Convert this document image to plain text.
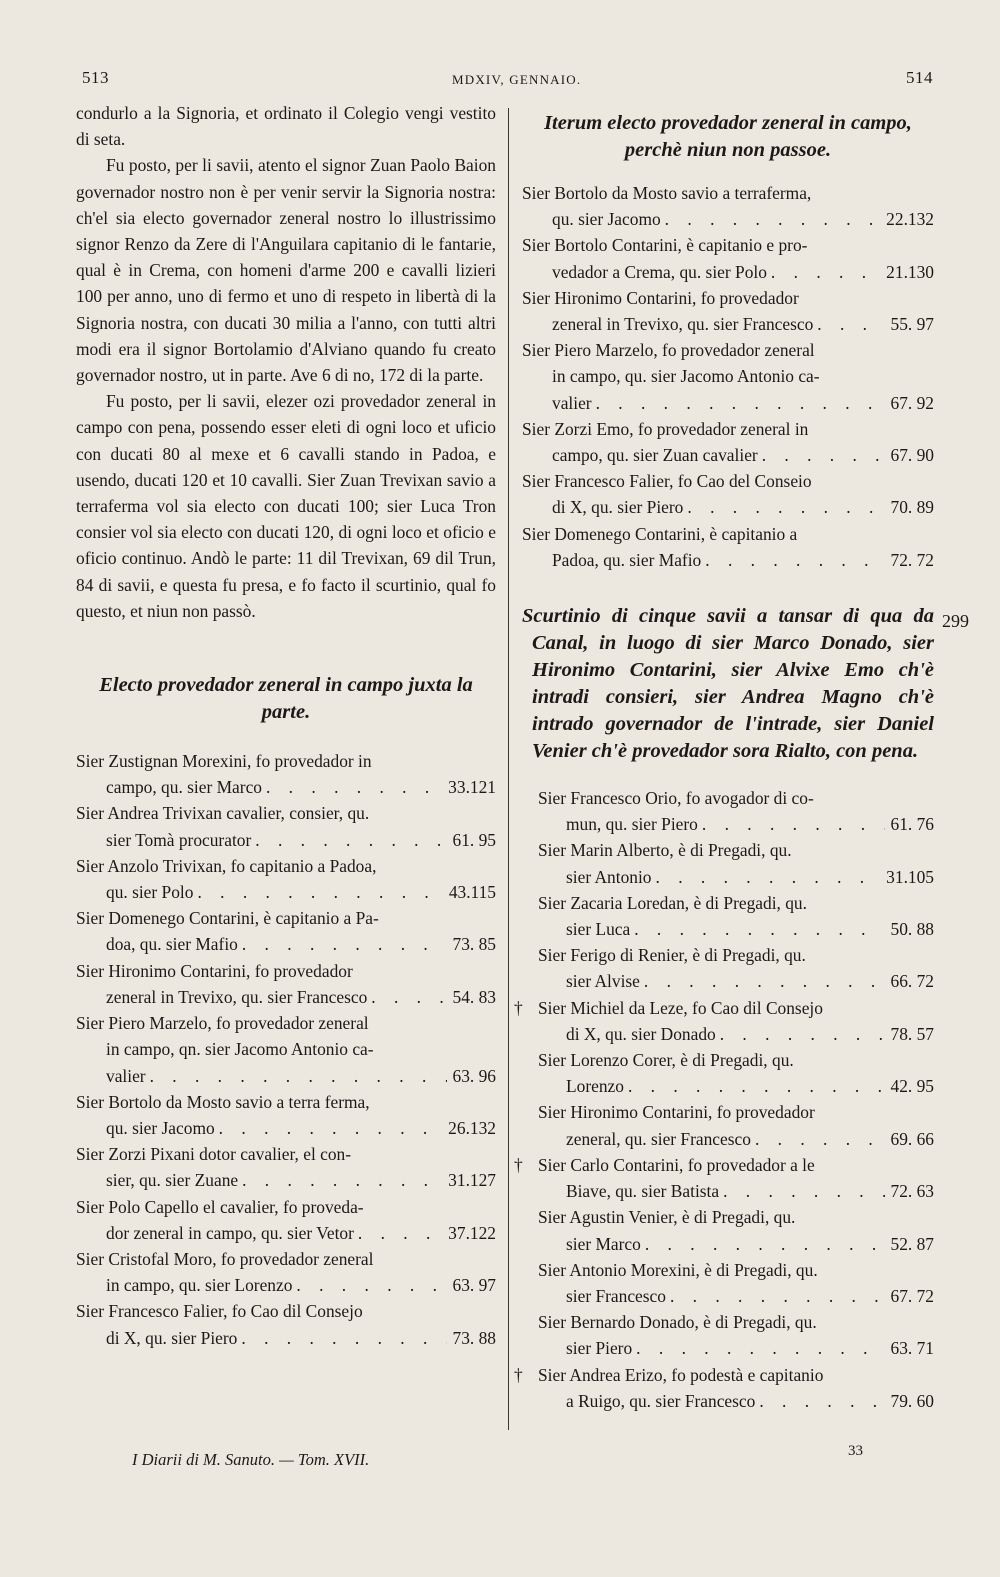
513	MDXIV, GENNAIO.	514

condurlo a la Signoria, et ordinato il Colegio vengi vestito di seta.

Fu posto, per li savii, atento el signor Zuan Paolo Baion governador nostro non è per venir servir la Signoria nostra: ch'el sia electo governador zeneral nostro lo illustrissimo signor Renzo da Zere di l'Anguilara capitanio di le fantarie, qual è in Crema, con homeni d'arme 200 e cavalli lizieri 100 per anno, uno di fermo et uno di respeto in libertà di la Signoria nostra, con ducati 30 milia a l'anno, con tutti altri modi era il signor Bortolamio d'Alviano quando fu creato governador nostro, ut in parte. Ave 6 di no, 172 di la parte.

Fu posto, per li savii, elezer ozi provedador zeneral in campo con pena, possendo esser eleti di ogni loco et uficio con ducati 80 al mexe et 6 cavalli stando in Padoa, e usendo, ducati 120 et 10 cavalli. Sier Zuan Trevixan savio a terraferma vol sia electo con ducati 100; sier Luca Tron consier vol sia electo con ducati 120, di ogni loco et oficio e oficio continuo. Andò le parte: 11 dil Trevixan, 69 dil Trun, 84 di savii, e questa fu presa, e fo facto il scurtinio, qual fo questo, et niun non passò.

Electo provedador zeneral in campo juxta la parte.
Sier Zustignan Morexini, fo provedador in
campo, qu. sier Marco . . .	33.121
Sier Andrea Trivixan cavalier, consier, qu.
sier Tomà procurator . . .	61. 95
Sier Anzolo Trivixan, fo capitanio a Padoa,
qu. sier Polo . . .	43.115
Sier Domenego Contarini, è capitanio a Pa-
doa, qu. sier Mafio . . .	73. 85
Sier Hironimo Contarini, fo provedador
zeneral in Trevixo, qu. sier Francesco . . .	54. 83
Sier Piero Marzelo, fo provedador zeneral
in campo, qn. sier Jacomo Antonio ca-
valier . . .	63. 96
Sier Bortolo da Mosto savio a terra ferma,
qu. sier Jacomo . . .	26.132
Sier Zorzi Pixani dotor cavalier, el con-
sier, qu. sier Zuane . . .	31.127
Sier Polo Capello el cavalier, fo proveda-
dor zeneral in campo, qu. sier Vetor . . .	37.122
Sier Cristofal Moro, fo provedador zeneral
in campo, qu. sier Lorenzo . . .	63. 97
Sier Francesco Falier, fo Cao dil Consejo
di X, qu. sier Piero . . .	73. 88
Iterum electo provedador zeneral in campo, perchè niun non passoe.
Sier Bortolo da Mosto savio a terraferma,
qu. sier Jacomo . . .	22.132
Sier Bortolo Contarini, è capitanio e pro-
vedador a Crema, qu. sier Polo . . .	21.130
Sier Hironimo Contarini, fo provedador
zeneral in Trevixo, qu. sier Francesco . . .	55. 97
Sier Piero Marzelo, fo provedador zeneral
in campo, qu. sier Jacomo Antonio ca-
valier . . .	67. 92
Sier Zorzi Emo, fo provedador zeneral in
campo, qu. sier Zuan cavalier . . .	67. 90
Sier Francesco Falier, fo Cao del Conseio
di X, qu. sier Piero . . .	70. 89
Sier Domenego Contarini, è capitanio a
Padoa, qu. sier Mafio . . .	72. 72
Scurtinio di cinque savii a tansar di qua da Canal, in luogo di sier Marco Donado, sier Hironimo Contarini, sier Alvixe Emo ch'è intradi consieri, sier Andrea Magno ch'è intrado governador de l'intrade, sier Daniel Venier ch'è provedador sora Rialto, con pena.
Sier Francesco Orio, fo avogador di co-
mun, qu. sier Piero . . .	61. 76
Sier Marin Alberto, è di Pregadi, qu.
sier Antonio . . .	31.105
Sier Zacaria Loredan, è di Pregadi, qu.
sier Luca . . .	50. 88
Sier Ferigo di Renier, è di Pregadi, qu.
sier Alvise . . .	66. 72
† Sier Michiel da Leze, fo Cao dil Consejo
di X, qu. sier Donado . . .	78. 57
Sier Lorenzo Corer, è di Pregadi, qu.
Lorenzo . . .	42. 95
Sier Hironimo Contarini, fo provedador
zeneral, qu. sier Francesco . . .	69. 66
† Sier Carlo Contarini, fo provedador a le
Biave, qu. sier Batista . . .	72. 63
Sier Agustin Venier, è di Pregadi, qu.
sier Marco . . .	52. 87
Sier Antonio Morexini, è di Pregadi, qu.
sier Francesco . . .	67. 72
Sier Bernardo Donado, è di Pregadi, qu.
sier Piero . . .	63. 71
† Sier Andrea Erizo, fo podestà e capitanio
a Ruigo, qu. sier Francesco . . .	79. 60
299
I Diarii di M. Sanuto. — Tom. XVII.	33
